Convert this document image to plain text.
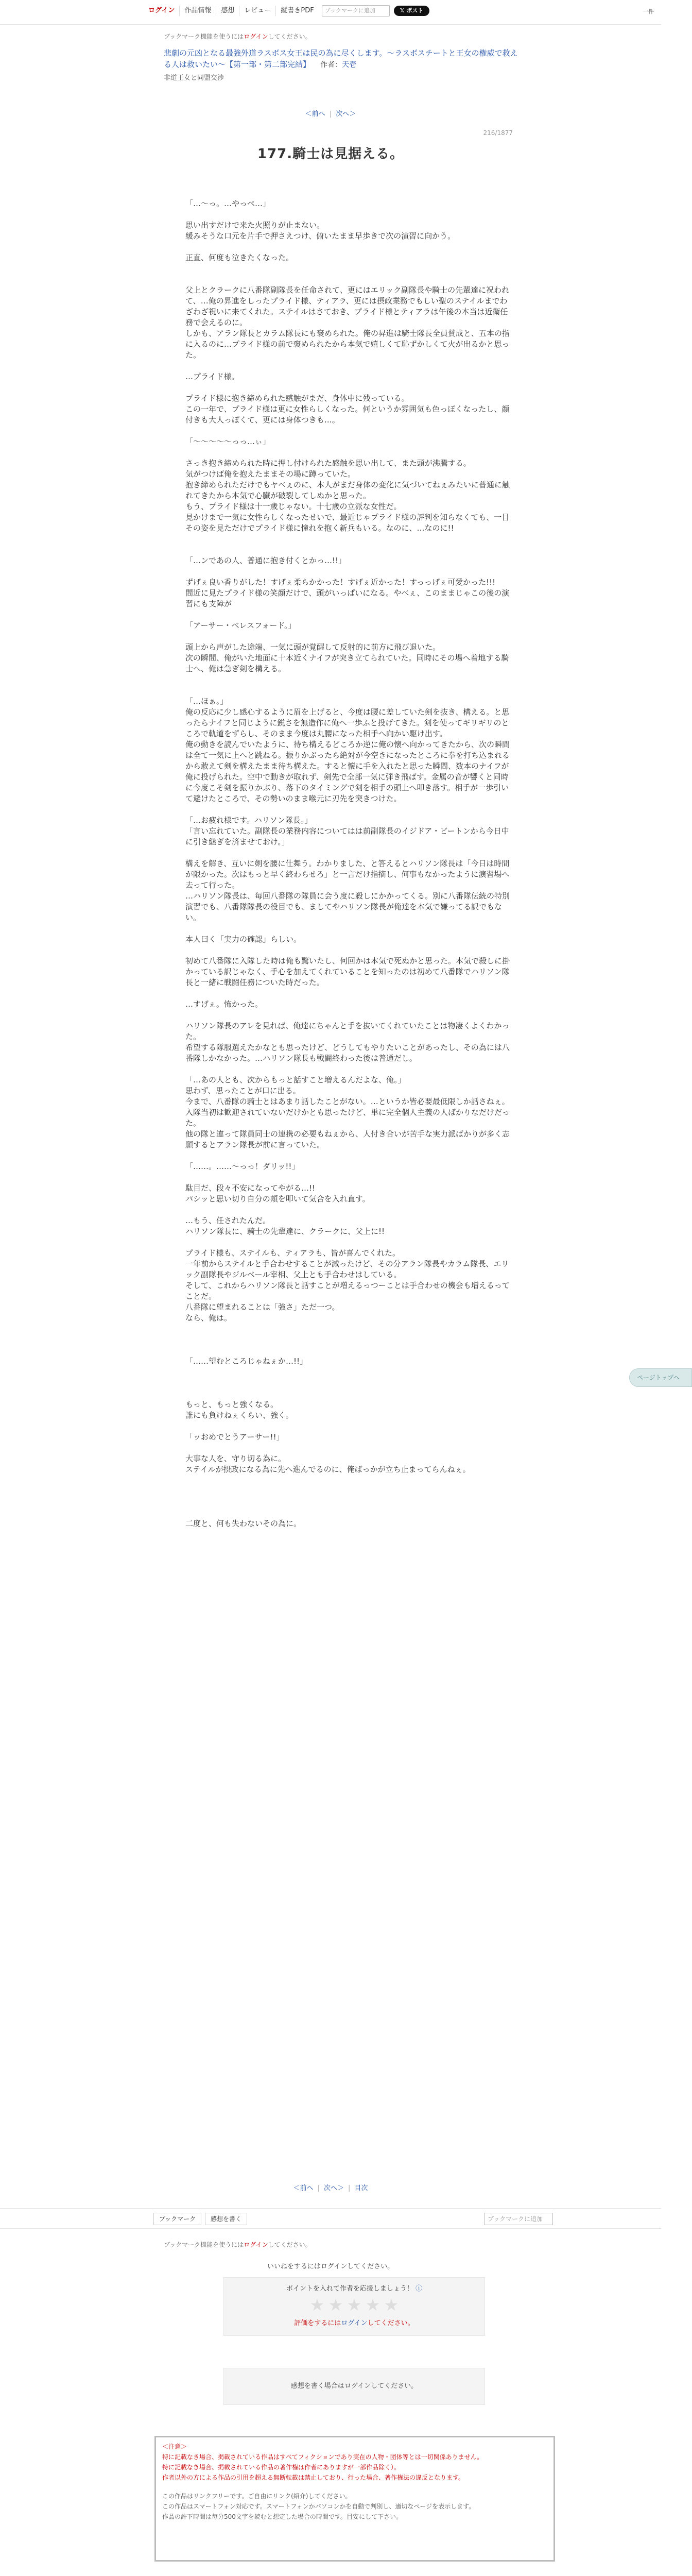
ログイン	作品情報	感想	レビュー	縦書きPDF	ブックマークに追加	𝕏 ポスト	一件
ブックマーク機能を使うにはログインしてください。
悲劇の元凶となる最強外道ラスボス女王は民の為に尽くします。〜ラスボスチートと王女の権威で救える人は救いたい〜【第一部・第二部完結】 　 作者：天壱
非道王女と同盟交渉
＜前へ | 次へ＞
216/1877
177.騎士は見据える。

「…〜っ。…やっぺ…」

思い出すだけで来た火照りが止まない。

緩みそうな口元を片手で押さえつけ、俯いたまま早歩きで次の演習に向かう。

正直、何度も泣きたくなった。

父上とクラークに八番隊副隊長を任命されて、更にはエリック副隊長や騎士の先輩達に祝われて、…俺の昇進をしったプライド様、ティアラ、更には摂政業務でもしい聖のステイルまでわざわざ祝いに来てくれた。ステイルはさておき、プライド様とティアラは午後の本当は近衛任務で会えるのに。

しかも、アラン隊長とカラム隊長にも褒められた。俺の昇進は騎士隊長全員賛成と、五本の指に入るのに…プライド様の前で褒められたから本気で嬉しくて恥ずかしくて火が出るかと思った。

…プライド様。

プライド様に抱き締められた感触がまだ、身体中に残っている。

この一年で、プライド様は更に女性らしくなった。何というか雰囲気も色っぽくなったし、顔付きも大人っぽくて、更には身体つきも…。

「〜〜〜〜〜っっ…ぃ」

さっき抱き締められた時に押し付けられた感触を思い出して、また頭が沸騰する。

気がつけば俺を抱えたままその場に蹲っていた。

抱き締められただけでもヤベぇのに、本人がまだ身体の変化に気づいてねぇみたいに普通に触れてきたから本気で心臓が破裂してしぬかと思った。

もう、プライド様は十一歳じゃない。十七歳の立派な女性だ。

見かけまで一気に女性らしくなったせいで、最近じゃプライド様の評判を知らなくても、一目その姿を見ただけでプライド様に憧れを抱く新兵もいる。なのに、…なのに!!

「…ンであの人、普通に抱き付くとかっ…!!」

ずげぇ良い香りがした！すげぇ柔らかかった！すげぇ近かった！すっっげぇ可愛かった!!!

間近に見たプライド様の笑顔だけで、頭がいっぱいになる。やべぇ、このままじゃこの後の演習にも支障が

「アーサー・べレスフォード。」

頭上から声がした途端、一気に頭が覚醒して反射的に前方に飛び退いた。

次の瞬間、俺がいた地面に十本近くナイフが突き立てられていた。同時にその場へ着地する騎士へ、俺は急ぎ剣を構える。

「…ほぁ。」

俺の反応に少し感心するように眉を上げると、今度は腰に差していた剣を抜き、構える。と思ったらナイフと同じように鋭さを無造作に俺へ一歩ふと投げてきた。剣を使ってギリギリのところで軌道をずらし、そのまま今度は丸腰になった相手へ向かい駆け出す。

俺の動きを読んでいたように、待ち構えるどころか逆に俺の懐へ向かってきたから、次の瞬間は全て一気に上へと跳ねる。振りかぶったら絶対が今空きになったところに拳を打ち込まれるから敢えて剣を構えたまま待ち構えた。すると懐に手を入れたと思った瞬間、数本のナイフが俺に投げられた。空中で動きが取れず、剣先で全部一気に弾き飛ばす。金属の音が響くと同時に今度こそ剣を振りかぶり、落下のタイミングで剣を相手の頭上へ叩き落す。相手が一歩引いて避けたところで、その勢いのまま喉元に刃先を突きつけた。

「…お疲れ様です。ハリソン隊長。」

「言い忘れていた。副隊長の業務内容についてはは前副隊長のイジドア・ビートンから今日中に引き継ぎを済ませておけ。」

構えを解き、互いに剣を腰に仕舞う。わかりました、と答えるとハリソン隊長は「今日は時間が限かった。次はもっと早く終わらせろ」と一言だけ指摘し、何事もなかったように演習場へ去って行った。

…ハリソン隊長は、毎回八番隊の隊員に会う度に殺しにかかってくる。別に八番隊伝統の特別演習でも、八番隊隊長の役目でも、ましてやハリソン隊長が俺達を本気で嫌ってる訳でもない。

本人曰く「実力の確認」らしい。

初めて八番隊に入隊した時は俺も驚いたし、何回かは本気で死ぬかと思った。本気で殺しに掛かっている訳じゃなく、手心を加えてくれていることを知ったのは初めて八番隊でハリソン隊長と一緒に戦闘任務についた時だった。

…すげぇ。怖かった。

ハリソン隊長のアレを見れば、俺達にちゃんと手を抜いてくれていたことは物凄くよくわかった。

希望する隊服選えたかなとも思ったけど、どうしてもやりたいことがあったし、その為には八番隊しかなかった。…ハリソン隊長も戦闘終わった後は普通だし。

「…あの人とも、次からもっと話すこと増えるんだよな、俺。」

思わず、思ったことが口に出る。

今まで、八番隊の騎士とはあまり話したことがない。…というか皆必要最低限しか話さねぇ。入隊当初は歓迎されていないだけかとも思ったけど、単に完全個人主義の人ばかりなだけだった。

他の隊と違って隊員同士の連携の必要もねぇから、人付き合いが苦手な実力派ばかりが多く志願するとアラン隊長が前に言っていた。

「……。……〜っっ！ダリッ!!」

駄目だ、段々不安になってやがる…!!

パシッと思い切り自分の頬を叩いて気合を入れ直す。

…もう、任されたんだ。

ハリソン隊長に、騎士の先輩達に、クラークに、父上に!!

プライド様も、ステイルも、ティアラも、皆が喜んでくれた。

一年前からステイルと手合わせすることが減ったけど、その分アラン隊長やカラム隊長、エリック副隊長やジルベール宰相、父上とも手合わせはしている。

そして、これからハリソン隊長と話すことが増えるっつーことは手合わせの機会も増えるってことだ。

八番隊に望まれることは「強さ」ただ一つ。

なら、俺は。

「……望むところじゃねぇか…!!」

もっと、もっと強くなる。

誰にも負けねぇくらい、強く。

「ッおめでとうアーサー!!」

大事な人を、守り切る為に。

ステイルが摂政になる為に先へ進んでるのに、俺ばっかが立ち止まってらんねぇ。

二度と、何も失わないその為に。

ページトップへ
＜前へ | 次へ＞ | 目次
ブックマーク	感想を書く	ブックマークに追加
ブックマーク機能を使うにはログインしてください。
いいねをするにはログインしてください。
ポイントを入れて作者を応援しましょう！ ⓘ
★ ★ ★ ★ ★
評価をするにはログインしてください。
感想を書く場合はログインしてください。
＜注意＞
特に記載なき場合、掲載されている作品はすべてフィクションであり実在の人物・団体等とは一切関係ありません。
特に記載なき場合、掲載されている作品の著作権は作者にありますが一部作品除く）。
作者以外の方による作品の引用を超える無断転載は禁止しており、行った場合、著作権法の違反となります。
この作品はリンクフリーです。ご自由にリンク(紹介)してください。
この作品はスマートフォン対応です。スマートフォンかパソコンかを自動で判別し、適切なページを表示します。
作品の許下時間は毎分500文字を読むと想定した場合の時間です。目安にして下さい。
